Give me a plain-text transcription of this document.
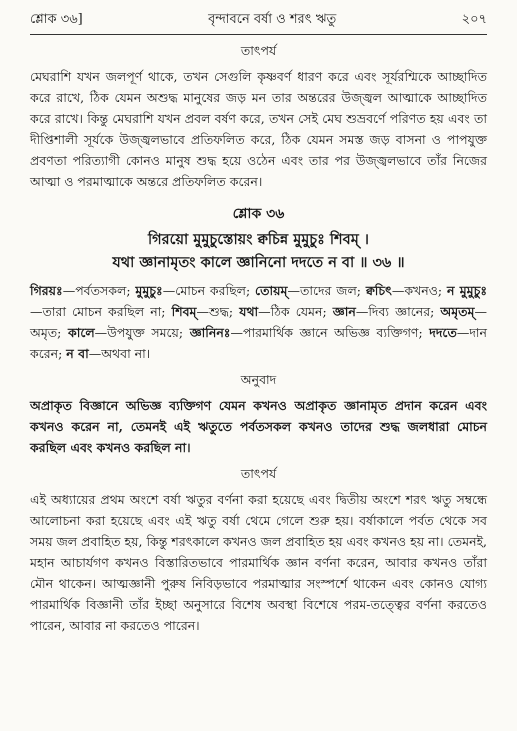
শ্লোক ৩৬]	বৃন্দাবনে বর্ষা ও শরৎ ঋতু	২০৭
তাৎপর্য

মেঘরাশি যখন জলপূর্ণ থাকে, তখন সেগুলি কৃষ্ণবর্ণ ধারণ করে এবং সূর্যরশ্মিকে আচ্ছাদিত করে রাখে, ঠিক যেমন অশুদ্ধ মানুষের জড় মন তার অন্তরের উজ্জ্বল আত্মাকে আচ্ছাদিত করে রাখে। কিন্তু মেঘরাশি যখন প্রবল বর্ষণ করে, তখন সেই মেঘ শুভ্রবর্ণে পরিণত হয় এবং তা দীপ্তিশালী সূর্যকে উজ্জ্বলভাবে প্রতিফলিত করে, ঠিক যেমন সমস্ত জড় বাসনা ও পাপযুক্ত প্রবণতা পরিত্যাগী কোনও মানুষ শুদ্ধ হয়ে ওঠেন এবং তার পর উজ্জ্বলভাবে তাঁর নিজের আত্মা ও পরমাত্মাকে অন্তরে প্রতিফলিত করেন।

শ্লোক ৩৬
গিরয়ো মুমুচুস্তোয়ং ক্বচিন্ন মুমুচুঃ শিবম্ ।
যথা জ্ঞানামৃতং কালে জ্ঞানিনো দদতে ন বা ॥ ৩৬ ॥

গিরয়ঃ—পর্বতসকল; মুমুচুঃ—মোচন করছিল; তোয়ম্—তাদের জল; ক্বচিৎ—কখনও; ন মুমুচুঃ—তারা মোচন করছিল না; শিবম্—শুদ্ধ; যথা—ঠিক যেমন; জ্ঞান—দিব্য জ্ঞানের; অমৃতম্—অমৃত; কালে—উপযুক্ত সময়ে; জ্ঞানিনঃ—পারমার্থিক জ্ঞানে অভিজ্ঞ ব্যক্তিগণ; দদতে—দান করেন; ন বা—অথবা না।

অনুবাদ

অপ্রাকৃত বিজ্ঞানে অভিজ্ঞ ব্যক্তিগণ যেমন কখনও অপ্রাকৃত জ্ঞানামৃত প্রদান করেন এবং কখনও করেন না, তেমনই এই ঋতুতে পর্বতসকল কখনও তাদের শুদ্ধ জলধারা মোচন করছিল এবং কখনও করছিল না।

তাৎপর্য

এই অধ্যায়ের প্রথম অংশে বর্ষা ঋতুর বর্ণনা করা হয়েছে এবং দ্বিতীয় অংশে শরৎ ঋতু সম্বন্ধে আলোচনা করা হয়েছে এবং এই ঋতু বর্ষা থেমে গেলে শুরু হয়। বর্ষাকালে পর্বত থেকে সব সময় জল প্রবাহিত হয়, কিন্তু শরৎকালে কখনও জল প্রবাহিত হয় এবং কখনও হয় না। তেমনই, মহান আচার্যগণ কখনও বিস্তারিতভাবে পারমার্থিক জ্ঞান বর্ণনা করেন, আবার কখনও তাঁরা মৌন থাকেন। আত্মজ্ঞানী পুরুষ নিবিড়ভাবে পরমাত্মার সংস্পর্শে থাকেন এবং কোনও যোগ্য পারমার্থিক বিজ্ঞানী তাঁর ইচ্ছা অনুসারে বিশেষ অবস্থা বিশেষে পরম-তত্ত্বের বর্ণনা করতেও পারেন, আবার না করতেও পারেন।
